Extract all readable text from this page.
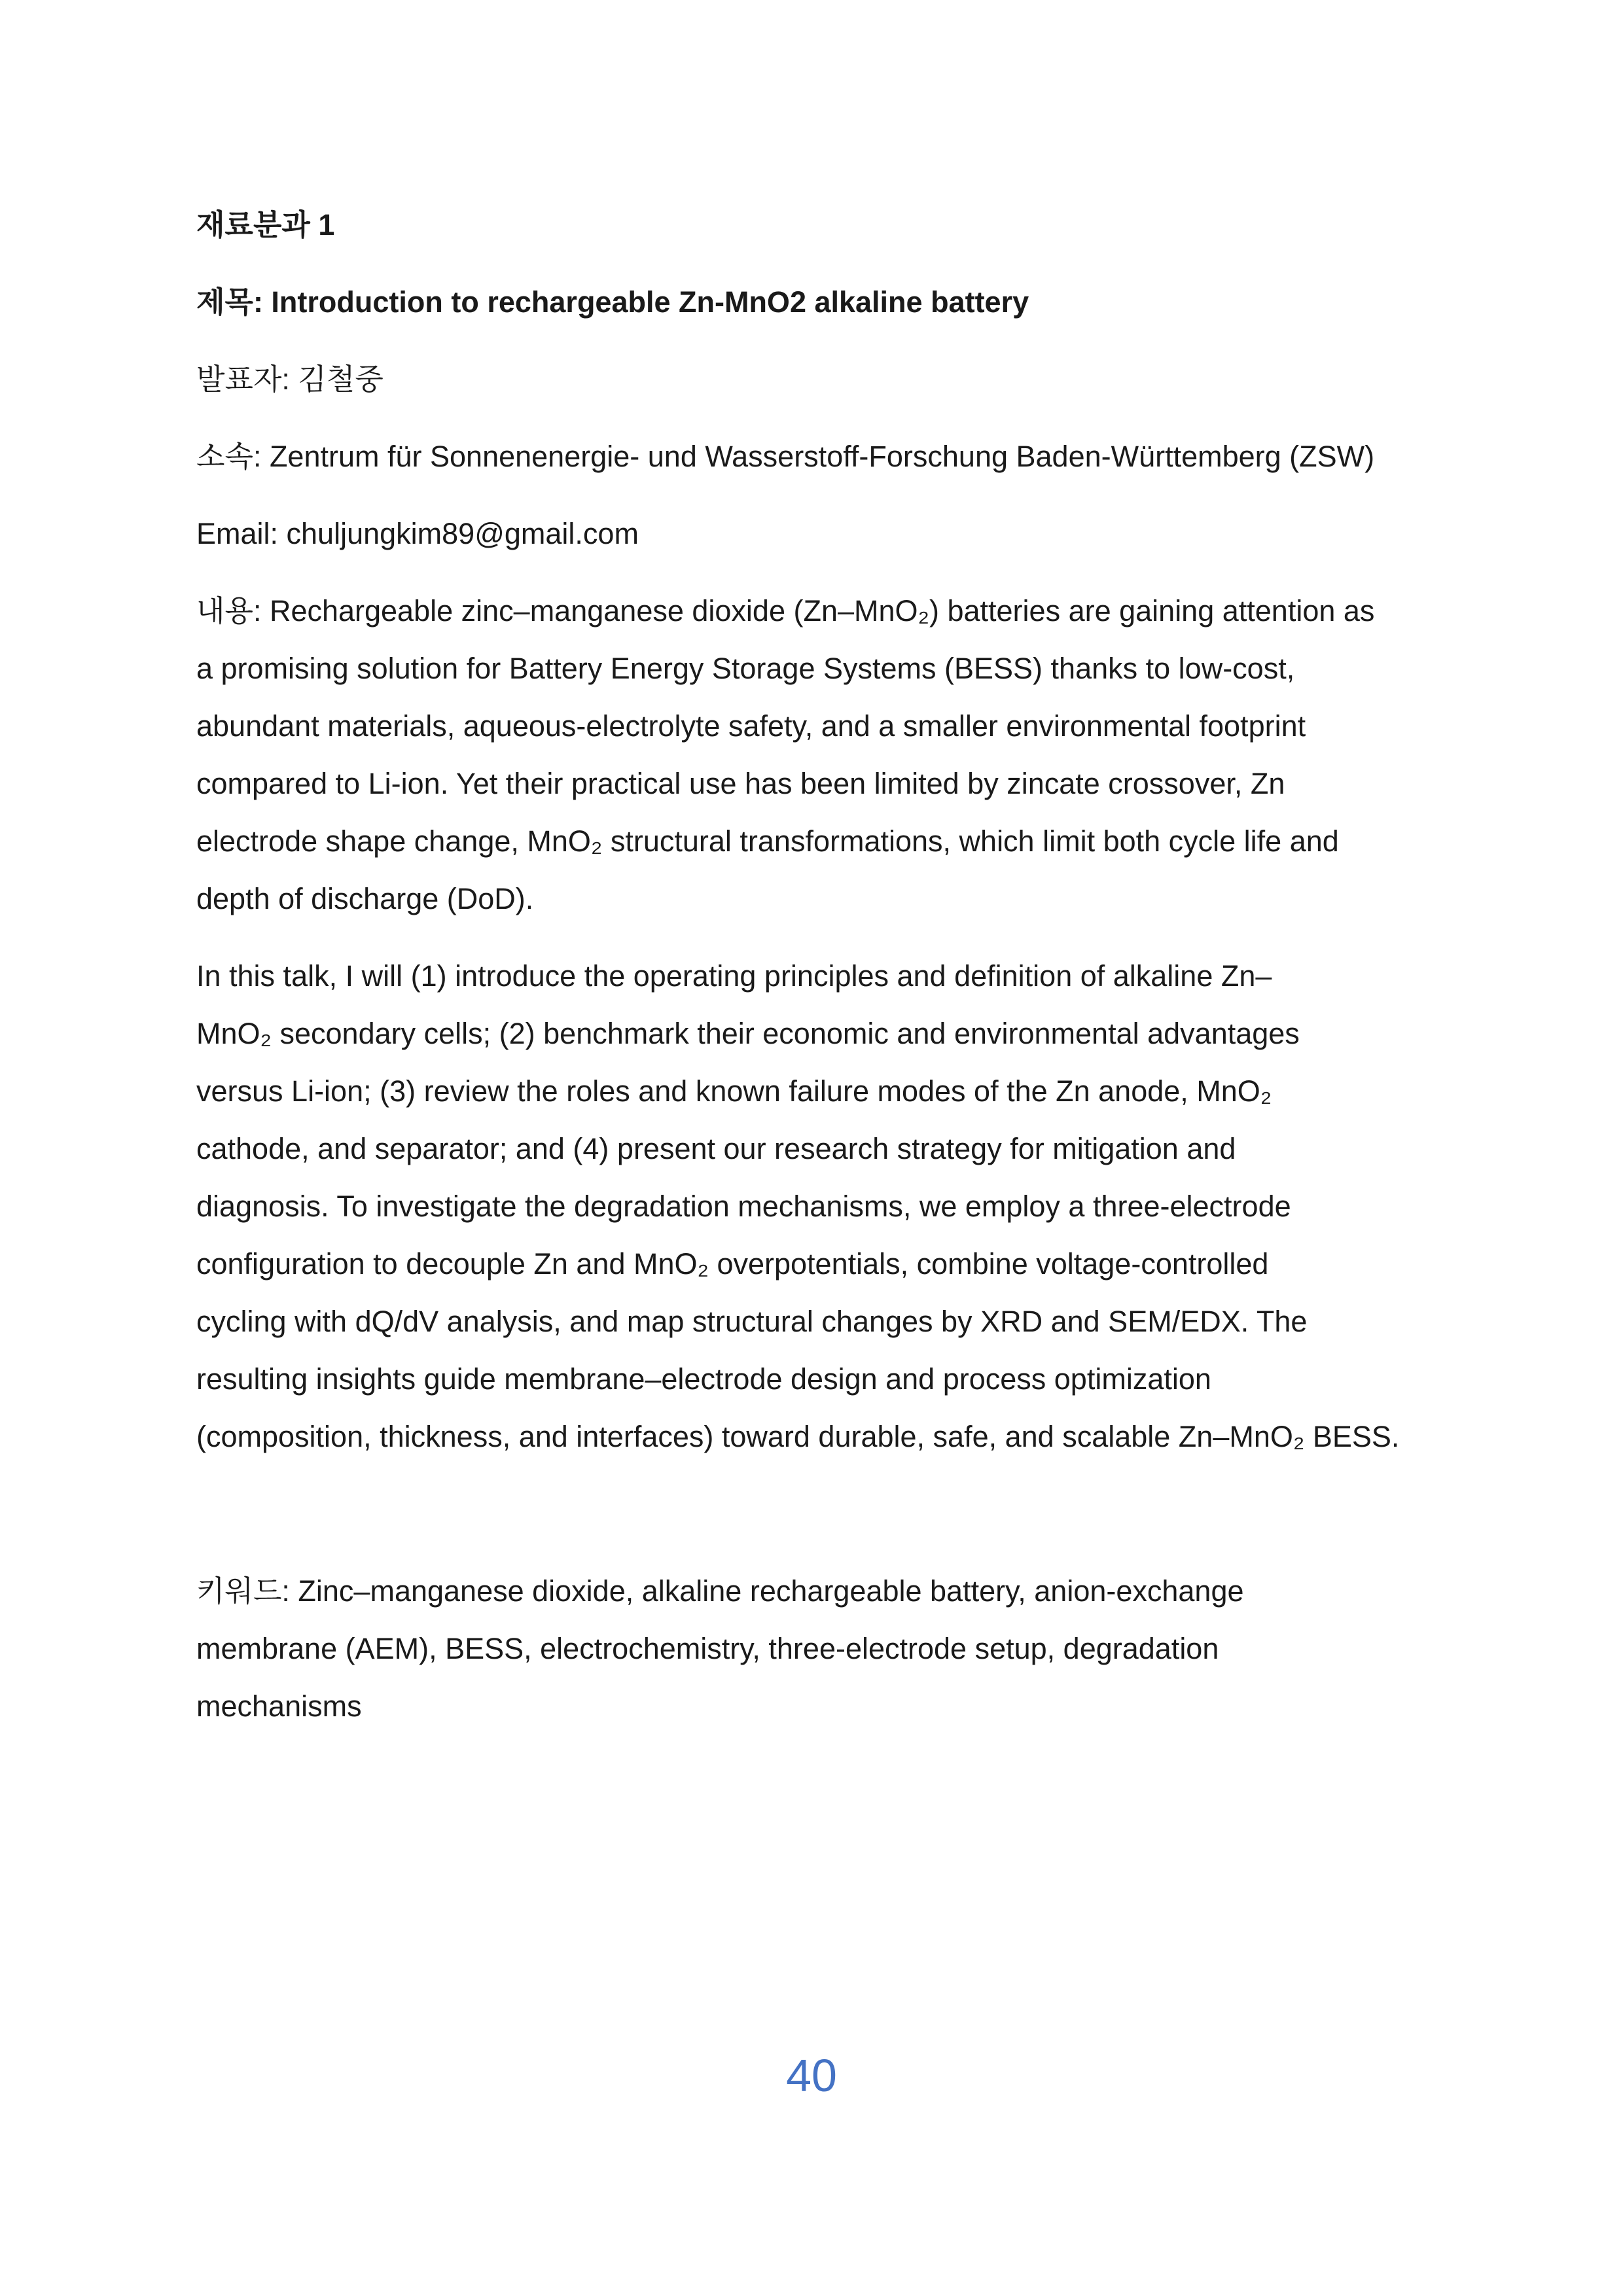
재료분과 1
제목: Introduction to rechargeable Zn-MnO2 alkaline battery
발표자: 김철중
소속: Zentrum für Sonnenenergie- und Wasserstoff-Forschung Baden-Württemberg (ZSW)
Email: chuljungkim89@gmail.com
내용: Rechargeable zinc–manganese dioxide (Zn–MnO₂) batteries are gaining attention as
a promising solution for Battery Energy Storage Systems (BESS) thanks to low-cost,
abundant materials, aqueous-electrolyte safety, and a smaller environmental footprint
compared to Li-ion. Yet their practical use has been limited by zincate crossover, Zn
electrode shape change, MnO₂ structural transformations, which limit both cycle life and
depth of discharge (DoD).
In this talk, I will (1) introduce the operating principles and definition of alkaline Zn–
MnO₂ secondary cells; (2) benchmark their economic and environmental advantages
versus Li-ion; (3) review the roles and known failure modes of the Zn anode, MnO₂
cathode, and separator; and (4) present our research strategy for mitigation and
diagnosis. To investigate the degradation mechanisms, we employ a three-electrode
configuration to decouple Zn and MnO₂ overpotentials, combine voltage-controlled
cycling with dQ/dV analysis, and map structural changes by XRD and SEM/EDX. The
resulting insights guide membrane–electrode design and process optimization
(composition, thickness, and interfaces) toward durable, safe, and scalable Zn–MnO₂ BESS.
키워드: Zinc–manganese dioxide, alkaline rechargeable battery, anion-exchange
membrane (AEM), BESS, electrochemistry, three-electrode setup, degradation
mechanisms
40
